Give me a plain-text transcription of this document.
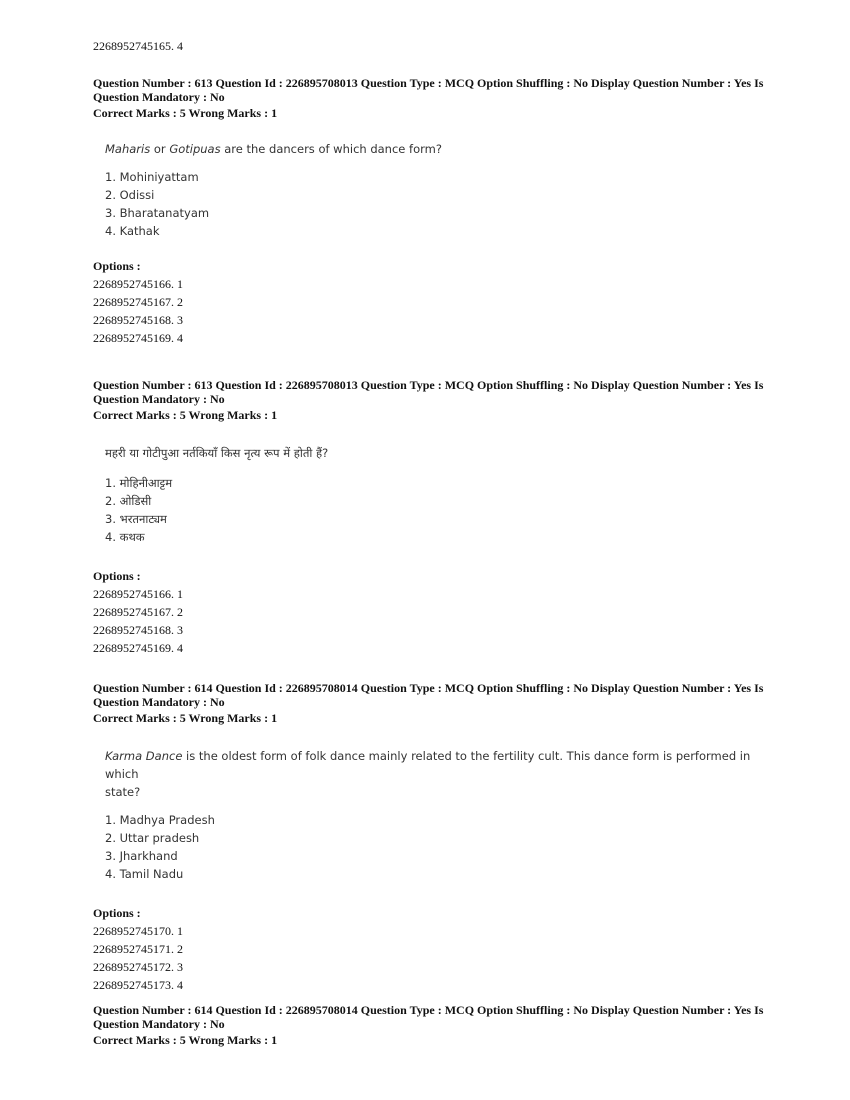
2268952745165. 4
Question Number : 613 Question Id : 226895708013 Question Type : MCQ Option Shuffling : No Display Question Number : Yes Is
Question Mandatory : No
Correct Marks : 5 Wrong Marks : 1
Maharis or Gotipuas are the dancers of which dance form?
1. Mohiniyattam
2. Odissi
3. Bharatanatyam
4. Kathak
Options :
2268952745166. 1
2268952745167. 2
2268952745168. 3
2268952745169. 4
Question Number : 613 Question Id : 226895708013 Question Type : MCQ Option Shuffling : No Display Question Number : Yes Is
Question Mandatory : No
Correct Marks : 5 Wrong Marks : 1
महरी या गोटीपुआ नर्तकियाँ किस नृत्य रूप में होती हैं?
1. मोहिनीआट्टम
2. ओडिसी
3. भरतनाट्यम
4. कथक
Options :
2268952745166. 1
2268952745167. 2
2268952745168. 3
2268952745169. 4
Question Number : 614 Question Id : 226895708014 Question Type : MCQ Option Shuffling : No Display Question Number : Yes Is
Question Mandatory : No
Correct Marks : 5 Wrong Marks : 1
Karma Dance is the oldest form of folk dance mainly related to the fertility cult. This dance form is performed in which
state?
1. Madhya Pradesh
2. Uttar pradesh
3. Jharkhand
4. Tamil Nadu
Options :
2268952745170. 1
2268952745171. 2
2268952745172. 3
2268952745173. 4
Question Number : 614 Question Id : 226895708014 Question Type : MCQ Option Shuffling : No Display Question Number : Yes Is
Question Mandatory : No
Correct Marks : 5 Wrong Marks : 1
